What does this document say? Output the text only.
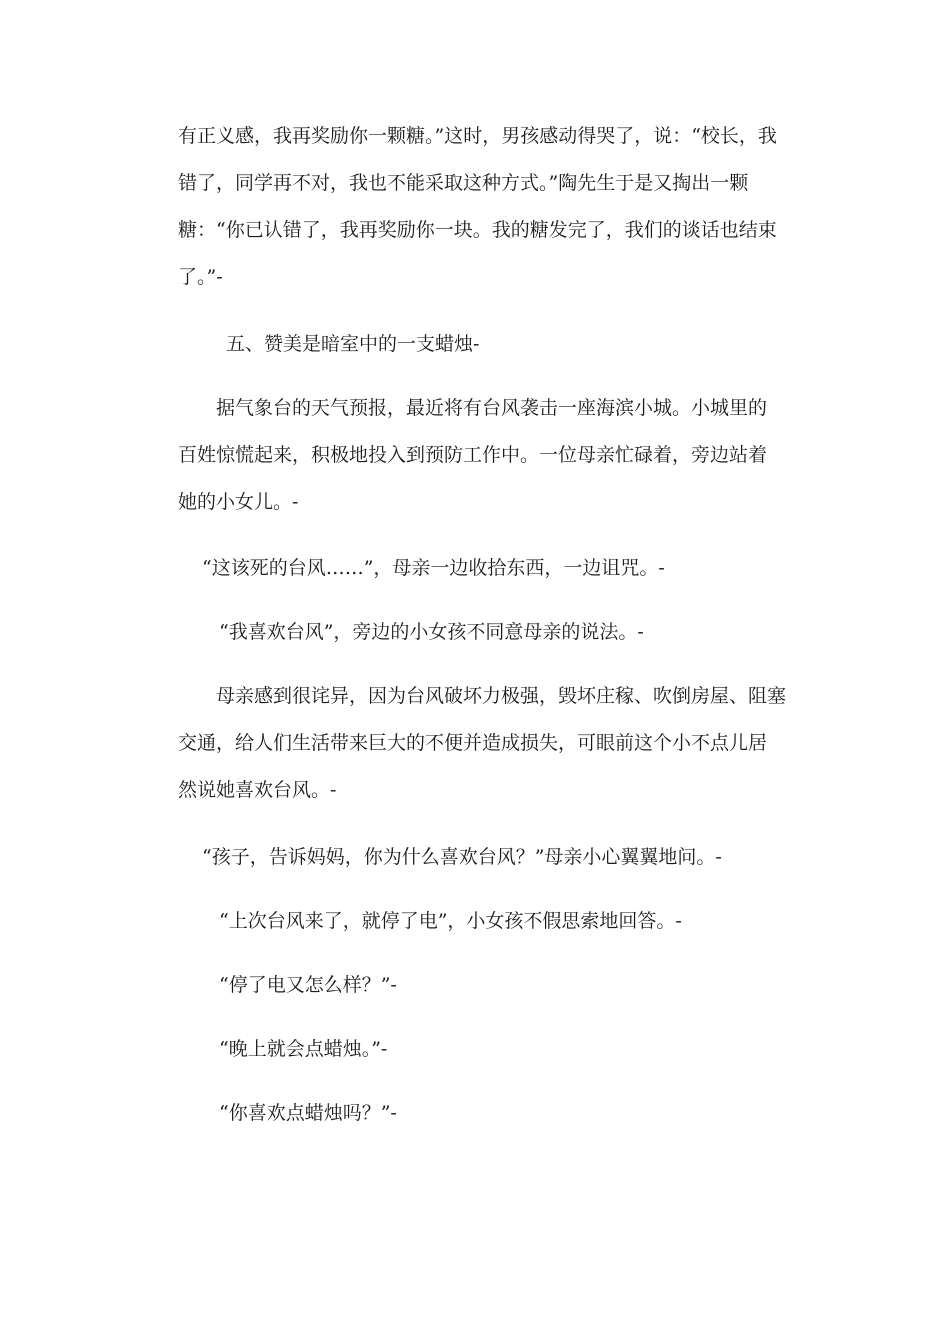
有正义感，我再奖励你一颗糖。”这时，男孩感动得哭了，说：“校长，我
错了，同学再不对，我也不能采取这种方式。”陶先生于是又掏出一颗
糖：“你已认错了，我再奖励你一块。我的糖发完了，我们的谈话也结束
了。”-
五、赞美是暗室中的一支蜡烛-
据气象台的天气预报，最近将有台风袭击一座海滨小城。小城里的
百姓惊慌起来，积极地投入到预防工作中。一位母亲忙碌着，旁边站着
她的小女儿。-
“这该死的台风……”，母亲一边收拾东西，一边诅咒。-
“我喜欢台风”，旁边的小女孩不同意母亲的说法。-
母亲感到很诧异，因为台风破坏力极强，毁坏庄稼、吹倒房屋、阻塞
交通，给人们生活带来巨大的不便并造成损失，可眼前这个小不点儿居
然说她喜欢台风。-
“孩子，告诉妈妈，你为什么喜欢台风？”母亲小心翼翼地问。-
“上次台风来了，就停了电”，小女孩不假思索地回答。-
“停了电又怎么样？”-
“晚上就会点蜡烛。”-
“你喜欢点蜡烛吗？”-
